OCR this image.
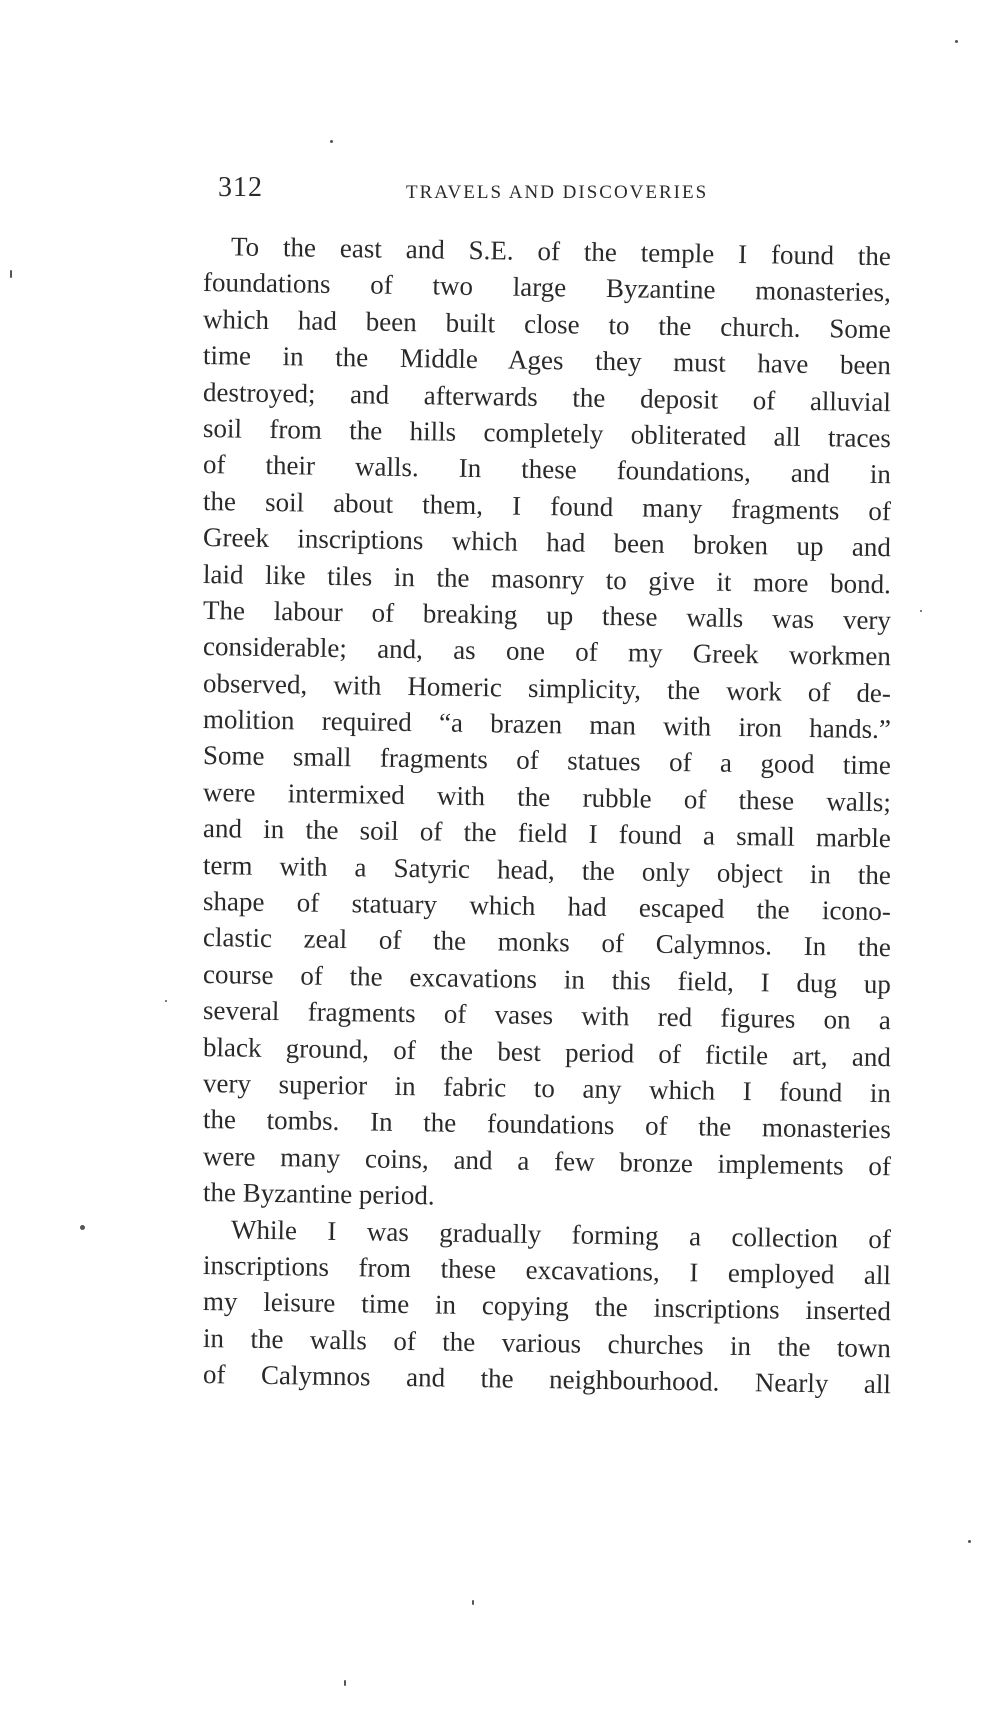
312	TRAVELS AND DISCOVERIES
To the east and S.E. of the temple I found the
foundations of two large Byzantine monasteries,
which had been built close to the church. Some
time in the Middle Ages they must have been
destroyed; and afterwards the deposit of alluvial
soil from the hills completely obliterated all traces
of their walls. In these foundations, and in
the soil about them, I found many fragments of
Greek inscriptions which had been broken up and
laid like tiles in the masonry to give it more bond.
The labour of breaking up these walls was very
considerable; and, as one of my Greek workmen
observed, with Homeric simplicity, the work of de-
molition required “a brazen man with iron hands.”
Some small fragments of statues of a good time
were intermixed with the rubble of these walls;
and in the soil of the field I found a small marble
term with a Satyric head, the only object in the
shape of statuary which had escaped the icono-
clastic zeal of the monks of Calymnos. In the
course of the excavations in this field, I dug up
several fragments of vases with red figures on a
black ground, of the best period of fictile art, and
very superior in fabric to any which I found in
the tombs. In the foundations of the monasteries
were many coins, and a few bronze implements of
the Byzantine period.
While I was gradually forming a collection of
inscriptions from these excavations, I employed all
my leisure time in copying the inscriptions inserted
in the walls of the various churches in the town
of Calymnos and the neighbourhood. Nearly all
